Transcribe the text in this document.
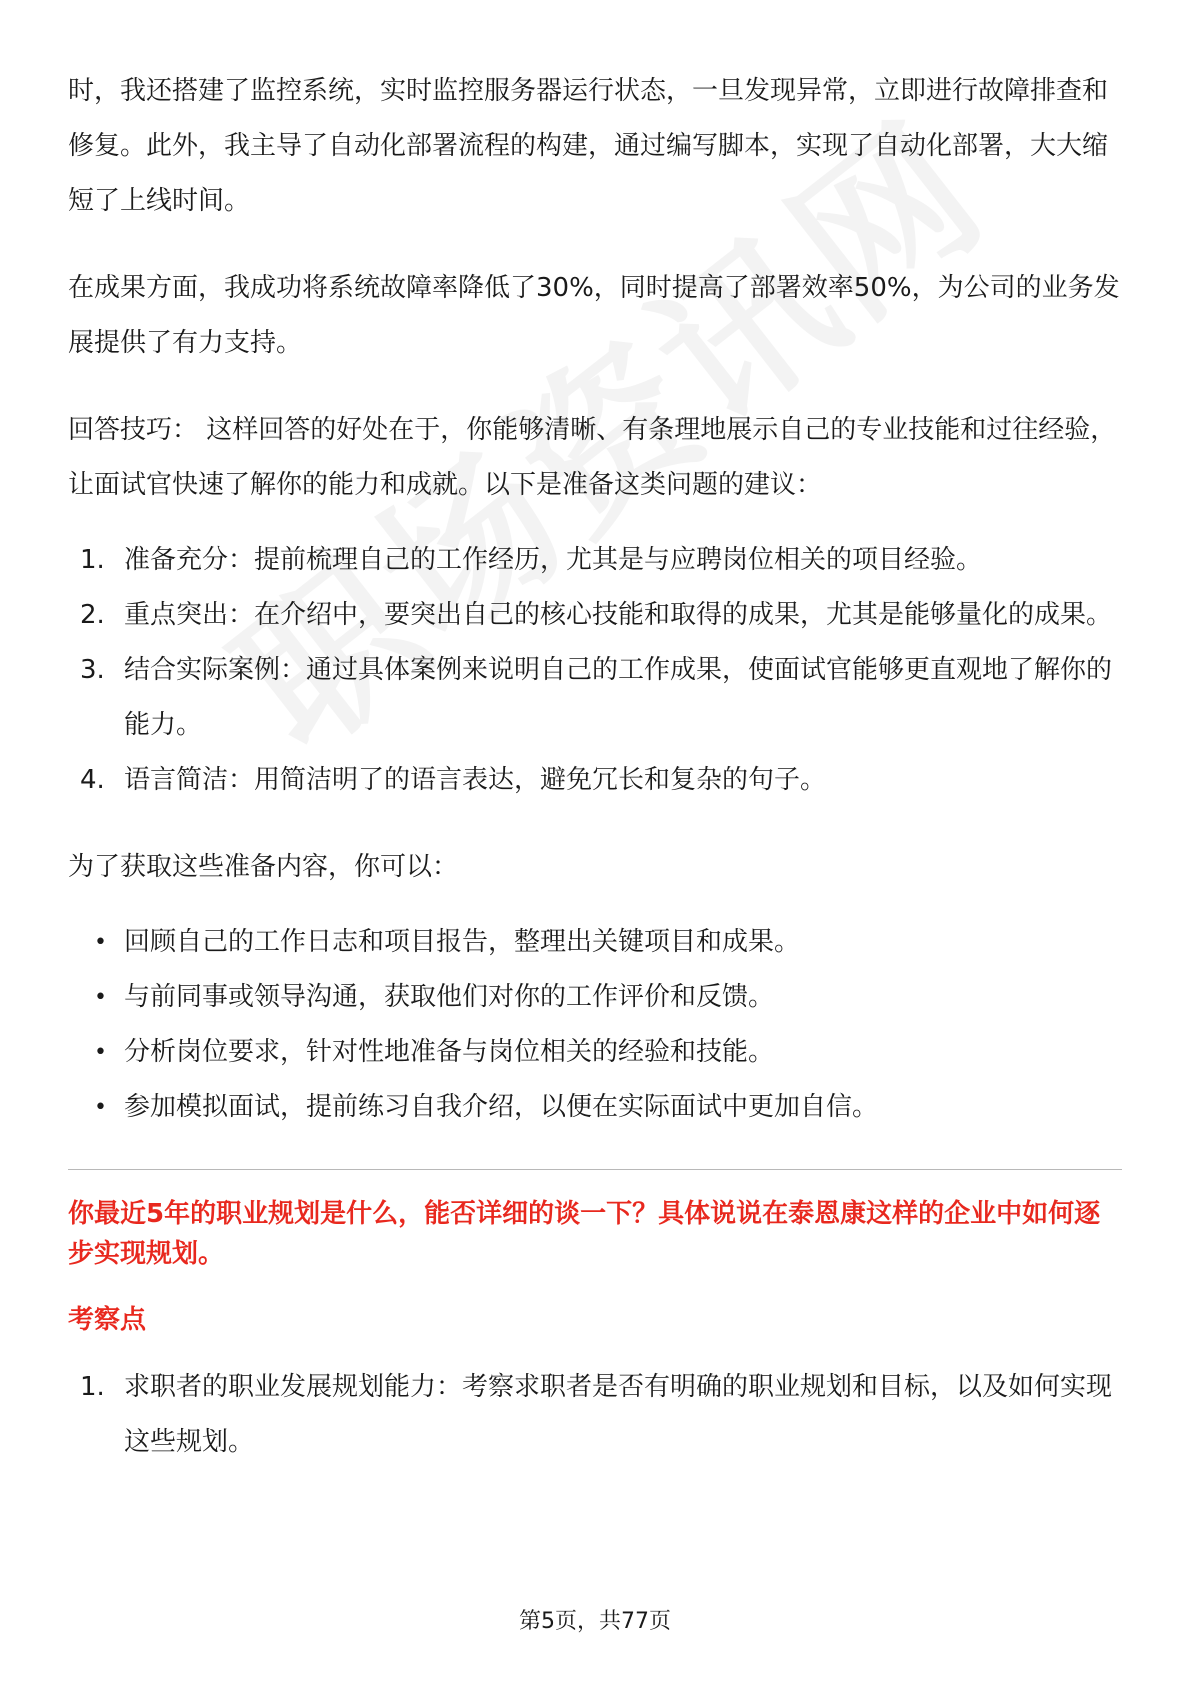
时，我还搭建了监控系统，实时监控服务器运行状态，一旦发现异常，立即进行故障排查和修复。此外，我主导了自动化部署流程的构建，通过编写脚本，实现了自动化部署，大大缩短了上线时间。

在成果方面，我成功将系统故障率降低了30%，同时提高了部署效率50%，为公司的业务发展提供了有力支持。

回答技巧： 这样回答的好处在于，你能够清晰、有条理地展示自己的专业技能和过往经验，让面试官快速了解你的能力和成就。以下是准备这类问题的建议：

1. 准备充分：提前梳理自己的工作经历，尤其是与应聘岗位相关的项目经验。
2. 重点突出：在介绍中，要突出自己的核心技能和取得的成果，尤其是能够量化的成果。
3. 结合实际案例：通过具体案例来说明自己的工作成果，使面试官能够更直观地了解你的能力。
4. 语言简洁：用简洁明了的语言表达，避免冗长和复杂的句子。

为了获取这些准备内容，你可以：

• 回顾自己的工作日志和项目报告，整理出关键项目和成果。
• 与前同事或领导沟通，获取他们对你的工作评价和反馈。
• 分析岗位要求，针对性地准备与岗位相关的经验和技能。
• 参加模拟面试，提前练习自我介绍，以便在实际面试中更加自信。
你最近5年的职业规划是什么，能否详细的谈一下？具体说说在泰恩康这样的企业中如何逐步实现规划。
考察点
1. 求职者的职业发展规划能力：考察求职者是否有明确的职业规划和目标，以及如何实现这些规划。
第5页，共77页
